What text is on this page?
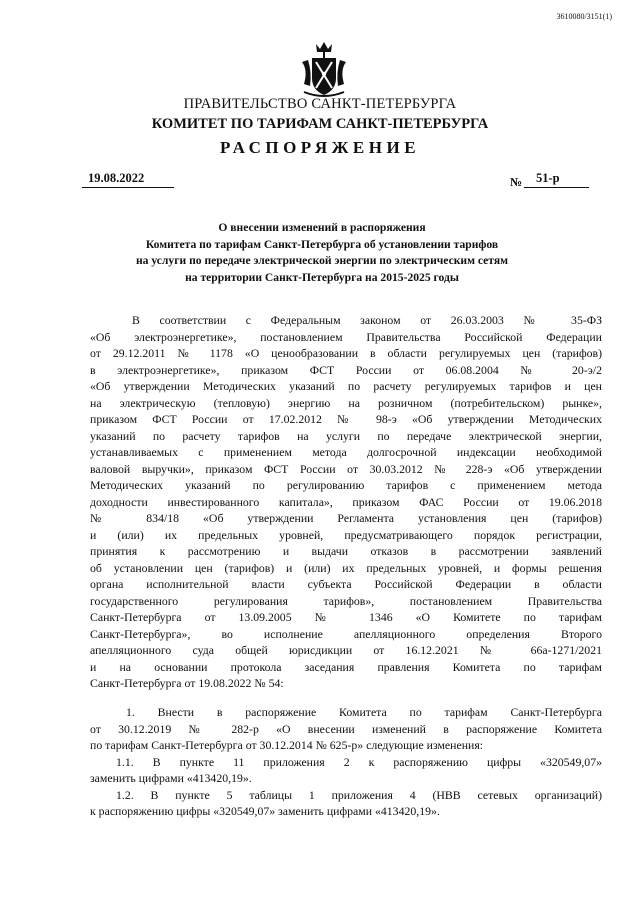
3610080/3151(1)
ПРАВИТЕЛЬСТВО САНКТ-ПЕТЕРБУРГА
КОМИТЕТ ПО ТАРИФАМ САНКТ-ПЕТЕРБУРГА
РАСПОРЯЖЕНИЕ
19.08.2022	№ 51-р
О внесении изменений в распоряжения
Комитета по тарифам Санкт-Петербурга об установлении тарифов
на услуги по передаче электрической энергии по электрическим сетям
на территории Санкт-Петербурга на 2015-2025 годы
В соответствии с Федеральным законом от 26.03.2003 № 35-ФЗ
«Об электроэнергетике», постановлением Правительства Российской Федерации
от 29.12.2011 № 1178 «О ценообразовании в области регулируемых цен (тарифов)
в электроэнергетике», приказом ФСТ России от 06.08.2004 № 20-э/2
«Об утверждении Методических указаний по расчету регулируемых тарифов и цен
на электрическую (тепловую) энергию на розничном (потребительском) рынке»,
приказом ФСТ России от 17.02.2012 № 98-э «Об утверждении Методических
указаний по расчету тарифов на услуги по передаче электрической энергии,
устанавливаемых с применением метода долгосрочной индексации необходимой
валовой выручки», приказом ФСТ России от 30.03.2012 № 228-э «Об утверждении
Методических указаний по регулированию тарифов с применением метода
доходности инвестированного капитала», приказом ФАС России от 19.06.2018
№ 834/18 «Об утверждении Регламента установления цен (тарифов)
и (или) их предельных уровней, предусматривающего порядок регистрации,
принятия к рассмотрению и выдачи отказов в рассмотрении заявлений
об установлении цен (тарифов) и (или) их предельных уровней, и формы решения
органа исполнительной власти субъекта Российской Федерации в области
государственного регулирования тарифов», постановлением Правительства
Санкт-Петербурга от 13.09.2005 № 1346 «О Комитете по тарифам
Санкт-Петербурга», во исполнение апелляционного определения Второго
апелляционного суда общей юрисдикции от 16.12.2021 № 66а-1271/2021
и на основании протокола заседания правления Комитета по тарифам
Санкт-Петербурга от 19.08.2022 № 54:
1. Внести в распоряжение Комитета по тарифам Санкт-Петербурга
от 30.12.2019 № 282-р «О внесении изменений в распоряжение Комитета
по тарифам Санкт-Петербурга от 30.12.2014 № 625-р» следующие изменения:
1.1. В пункте 11 приложения 2 к распоряжению цифры «320549,07»
заменить цифрами «413420,19».
1.2. В пункте 5 таблицы 1 приложения 4 (НВВ сетевых организаций)
к распоряжению цифры «320549,07» заменить цифрами «413420,19».
